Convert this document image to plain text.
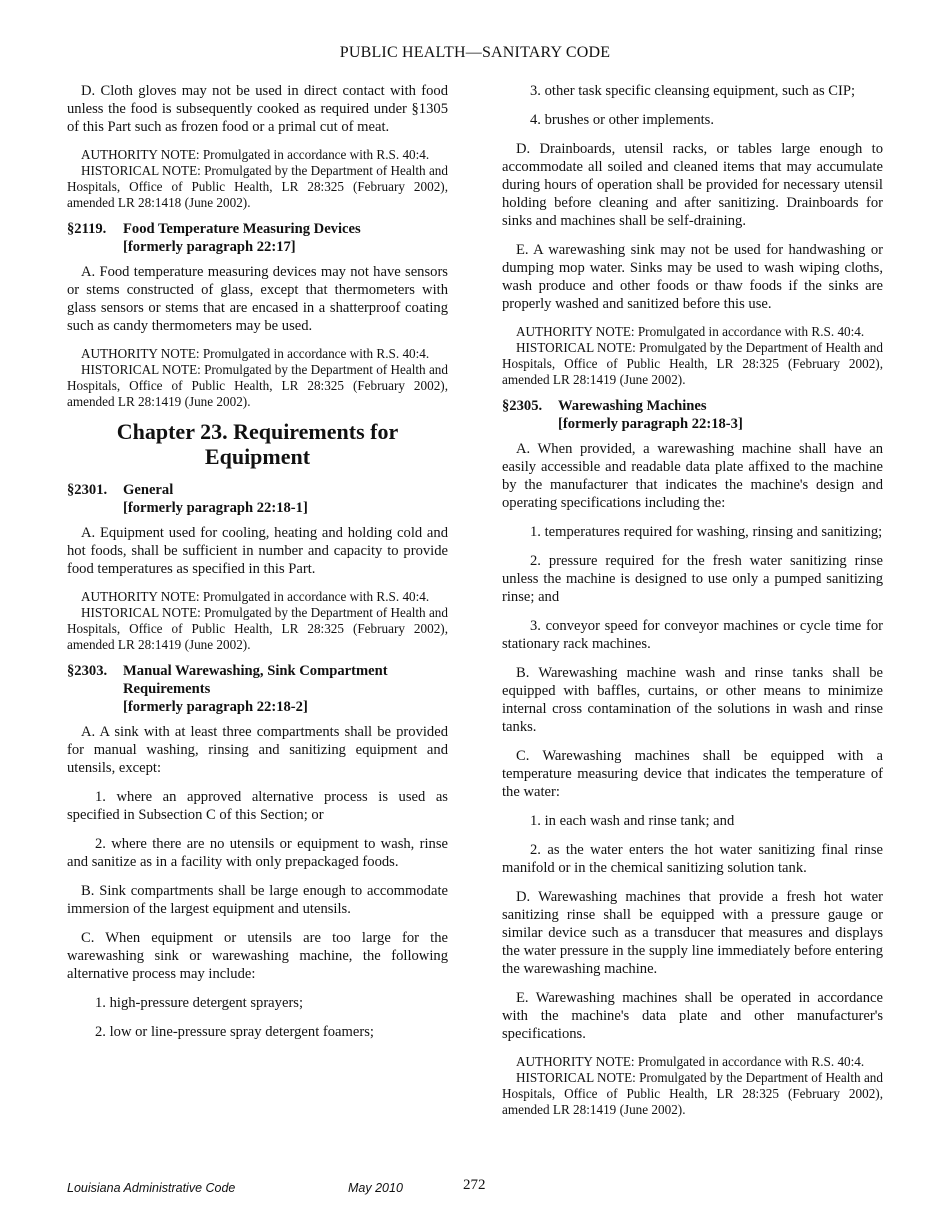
PUBLIC HEALTH—SANITARY CODE

D. Cloth gloves may not be used in direct contact with food unless the food is subsequently cooked as required under §1305 of this Part such as frozen food or a primal cut of meat.

AUTHORITY NOTE: Promulgated in accordance with R.S. 40:4.

HISTORICAL NOTE: Promulgated by the Department of Health and Hospitals, Office of Public Health, LR 28:325 (February 2002), amended LR 28:1418 (June 2002).

§2119.	Food Temperature Measuring Devices
[formerly paragraph 22:17]

A. Food temperature measuring devices may not have sensors or stems constructed of glass, except that thermometers with glass sensors or stems that are encased in a shatterproof coating such as candy thermometers may be used.

AUTHORITY NOTE: Promulgated in accordance with R.S. 40:4.

HISTORICAL NOTE: Promulgated by the Department of Health and Hospitals, Office of Public Health, LR 28:325 (February 2002), amended LR 28:1419 (June 2002).

Chapter 23. Requirements for
Equipment
§2301.	General
[formerly paragraph 22:18-1]

A. Equipment used for cooling, heating and holding cold and hot foods, shall be sufficient in number and capacity to provide food temperatures as specified in this Part.

AUTHORITY NOTE: Promulgated in accordance with R.S. 40:4.

HISTORICAL NOTE: Promulgated by the Department of Health and Hospitals, Office of Public Health, LR 28:325 (February 2002), amended LR 28:1419 (June 2002).

§2303.	Manual Warewashing, Sink Compartment
Requirements
[formerly paragraph 22:18-2]

A. A sink with at least three compartments shall be provided for manual washing, rinsing and sanitizing equipment and utensils, except:

1. where an approved alternative process is used as specified in Subsection C of this Section; or

2. where there are no utensils or equipment to wash, rinse and sanitize as in a facility with only prepackaged foods.

B. Sink compartments shall be large enough to accommodate immersion of the largest equipment and utensils.

C. When equipment or utensils are too large for the warewashing sink or warewashing machine, the following alternative process may include:

1. high-pressure detergent sprayers;

2. low or line-pressure spray detergent foamers;

3. other task specific cleansing equipment, such as CIP;

4. brushes or other implements.

D. Drainboards, utensil racks, or tables large enough to accommodate all soiled and cleaned items that may accumulate during hours of operation shall be provided for necessary utensil holding before cleaning and after sanitizing. Drainboards for sinks and machines shall be self-draining.

E. A warewashing sink may not be used for handwashing or dumping mop water. Sinks may be used to wash wiping cloths, wash produce and other foods or thaw foods if the sinks are properly washed and sanitized before this use.

AUTHORITY NOTE: Promulgated in accordance with R.S. 40:4.

HISTORICAL NOTE: Promulgated by the Department of Health and Hospitals, Office of Public Health, LR 28:325 (February 2002), amended LR 28:1419 (June 2002).

§2305.	Warewashing Machines
[formerly paragraph 22:18-3]

A. When provided, a warewashing machine shall have an easily accessible and readable data plate affixed to the machine by the manufacturer that indicates the machine's design and operating specifications including the:

1. temperatures required for washing, rinsing and sanitizing;

2. pressure required for the fresh water sanitizing rinse unless the machine is designed to use only a pumped sanitizing rinse; and

3. conveyor speed for conveyor machines or cycle time for stationary rack machines.

B. Warewashing machine wash and rinse tanks shall be equipped with baffles, curtains, or other means to minimize internal cross contamination of the solutions in wash and rinse tanks.

C. Warewashing machines shall be equipped with a temperature measuring device that indicates the temperature of the water:

1. in each wash and rinse tank; and

2. as the water enters the hot water sanitizing final rinse manifold or in the chemical sanitizing solution tank.

D. Warewashing machines that provide a fresh hot water sanitizing rinse shall be equipped with a pressure gauge or similar device such as a transducer that measures and displays the water pressure in the supply line immediately before entering the warewashing machine.

E. Warewashing machines shall be operated in accordance with the machine's data plate and other manufacturer's specifications.

AUTHORITY NOTE: Promulgated in accordance with R.S. 40:4.

HISTORICAL NOTE: Promulgated by the Department of Health and Hospitals, Office of Public Health, LR 28:325 (February 2002), amended LR 28:1419 (June 2002).

Louisiana Administrative Code	May 2010	272
